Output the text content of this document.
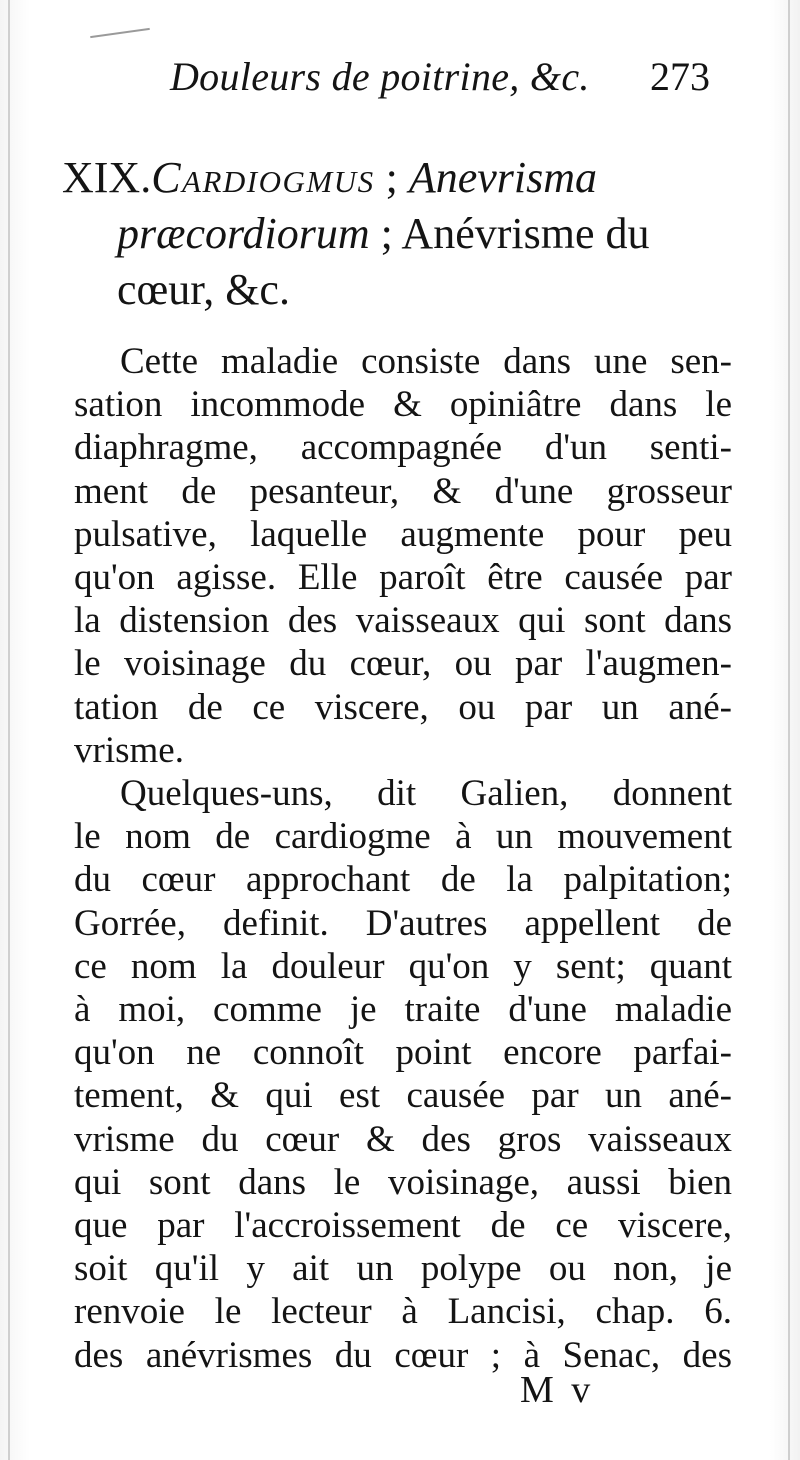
Douleurs de poitrine, &c. 273
XIX.Cardiogmus ; Anevrisma
præcordiorum ; Anévrisme du
cœur, &c.
Cette maladie consiste dans une sen-
sation incommode & opiniâtre dans le
diaphragme, accompagnée d'un senti-
ment de pesanteur, & d'une grosseur
pulsative, laquelle augmente pour peu
qu'on agisse. Elle paroît être causée par
la distension des vaisseaux qui sont dans
le voisinage du cœur, ou par l'augmen-
tation de ce viscere, ou par un ané-
vrisme.
Quelques-uns, dit Galien, donnent
le nom de cardiogme à un mouvement
du cœur approchant de la palpitation;
Gorrée, definit. D'autres appellent de
ce nom la douleur qu'on y sent; quant
à moi, comme je traite d'une maladie
qu'on ne connoît point encore parfai-
tement, & qui est causée par un ané-
vrisme du cœur & des gros vaisseaux
qui sont dans le voisinage, aussi bien
que par l'accroissement de ce viscere,
soit qu'il y ait un polype ou non, je
renvoie le lecteur à Lancisi, chap. 6.
des anévrismes du cœur ; à Senac, des
M v
